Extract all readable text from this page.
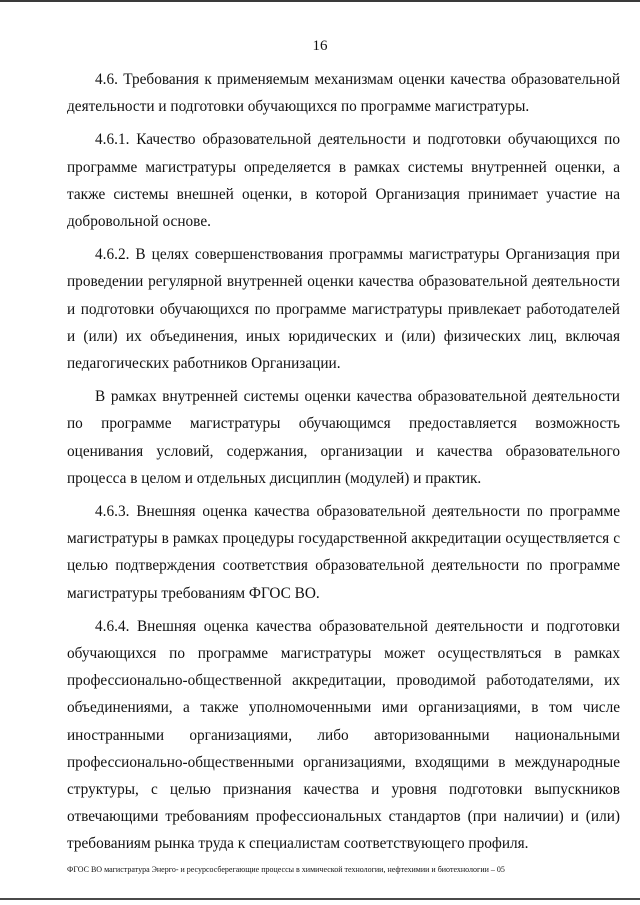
16

4.6. Требования к применяемым механизмам оценки качества образовательной деятельности и подготовки обучающихся по программе магистратуры.

4.6.1. Качество образовательной деятельности и подготовки обучающихся по программе магистратуры определяется в рамках системы внутренней оценки, а также системы внешней оценки, в которой Организация принимает участие на добровольной основе.

4.6.2. В целях совершенствования программы магистратуры Организация при проведении регулярной внутренней оценки качества образовательной деятельности и подготовки обучающихся по программе магистратуры привлекает работодателей и (или) их объединения, иных юридических и (или) физических лиц, включая педагогических работников Организации.

В рамках внутренней системы оценки качества образовательной деятельности по программе магистратуры обучающимся предоставляется возможность оценивания условий, содержания, организации и качества образовательного процесса в целом и отдельных дисциплин (модулей) и практик.

4.6.3. Внешняя оценка качества образовательной деятельности по программе магистратуры в рамках процедуры государственной аккредитации осуществляется с целью подтверждения соответствия образовательной деятельности по программе магистратуры требованиям ФГОС ВО.

4.6.4. Внешняя оценка качества образовательной деятельности и подготовки обучающихся по программе магистратуры может осуществляться в рамках профессионально-общественной аккредитации, проводимой работодателями, их объединениями, а также уполномоченными ими организациями, в том числе иностранными организациями, либо авторизованными национальными профессионально-общественными организациями, входящими в международные структуры, с целью признания качества и уровня подготовки выпускников отвечающими требованиям профессиональных стандартов (при наличии) и (или) требованиям рынка труда к специалистам соответствующего профиля.

ФГОС ВО магистратура Энерго- и ресурсосберегающие процессы в химической технологии, нефтехимии и биотехнологии – 05
